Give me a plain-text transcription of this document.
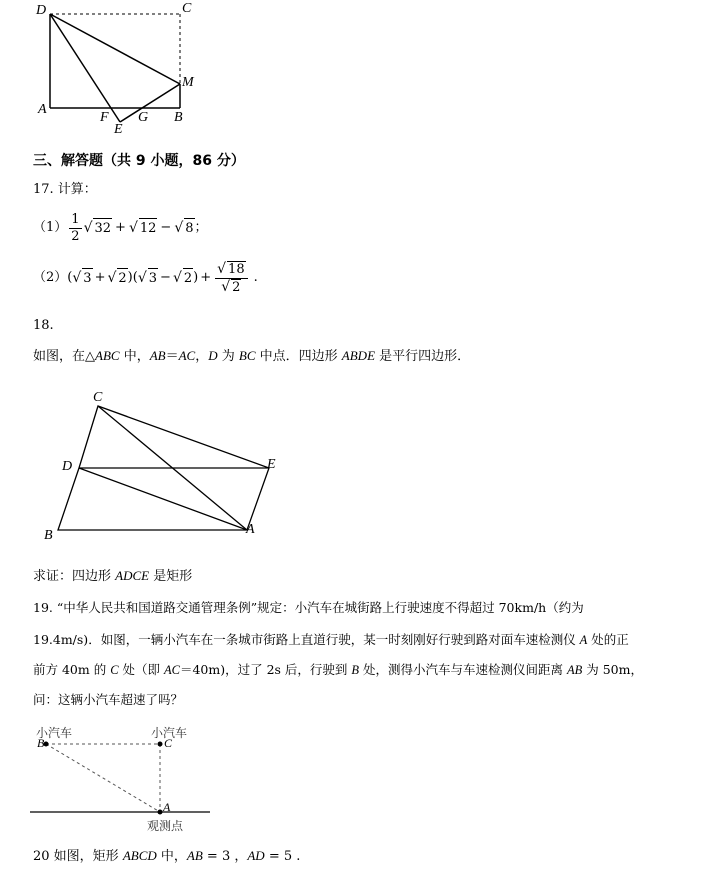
D	C
M
A
F
E
G B
三、解答题（共 9 小题，86 分）
17. 计算：
$(1) \frac{1}{2}$ √ 32 + √ 12 − √ 8 ；
（2） ( √ 3 + √ 2 ) ( √ 3 − √ 2 ) + $\frac{√ 18}{√ 2}$ .
18.
如图，在△ABC 中，AB＝AC，D 为 BC 中点．四边形 ABDE 是平行四边形．
C
D	E
B	A
求证：四边形 ADCE 是矩形
19. “中华人民共和国道路交通管理条例”规定：小汽车在城街路上行驶速度不得超过 70km/h（约为
19.4m/s)．如图，一辆小汽车在一条城市街路上直道行驶，某一时刻刚好行驶到路对面车速检测仪 A 处的正
前方 40m 的 C 处（即 AC＝40m)，过了 2s 后，行驶到 B 处，测得小汽车与车速检测仪间距离 AB 为 50m，
问：这辆小汽车超速了吗？
小汽车	小汽车
B	C
A
观测点
20 如图，矩形 ABCD 中，AB = 3 ，AD = 5 .
